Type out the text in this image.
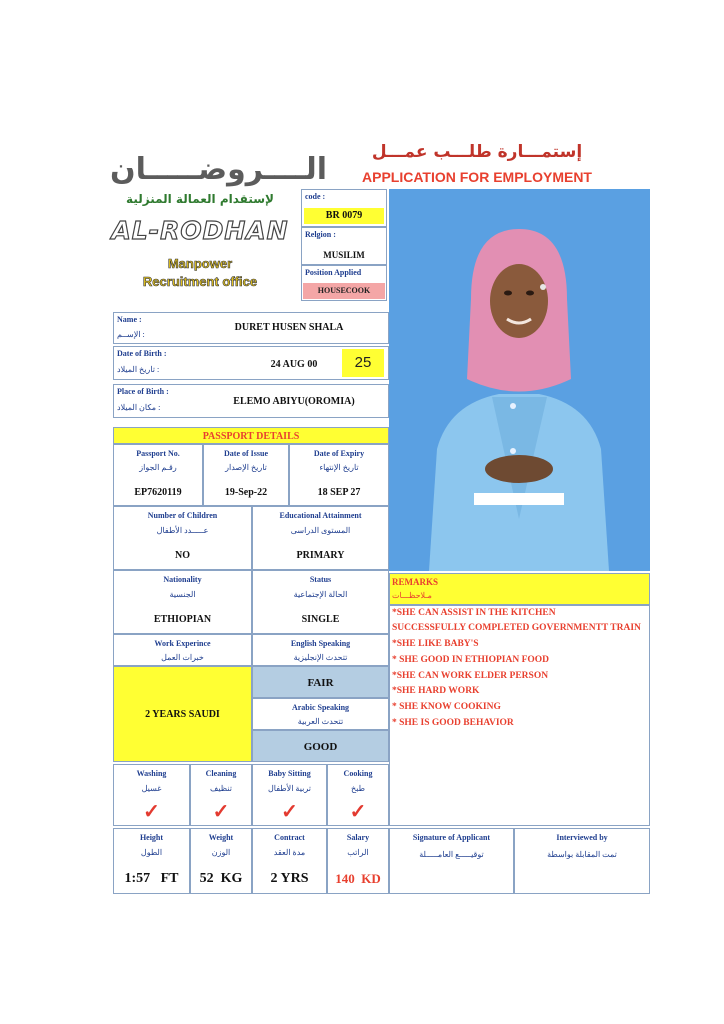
إستمـــارة طلـــب عمـــل
APPLICATION FOR EMPLOYMENT
الــــروضـــــان
لإستقدام العمالة المنزلية
AL-RODHAN
Manpower
Recruitment office
code :
BR 0079
Relgion :
MUSILIM
Position Applied
HOUSECOOK
Name :
الإســم :
DURET HUSEN SHALA
Date of Birth :
تاريخ الميلاد :	24 AUG 00	25
Place of Birth :
مكان الميلاد :
ELEMO ABIYU(OROMIA)
PASSPORT DETAILS
Passport No.
رقـم الجواز
EP7620119
Date of Issue
تاريخ الإصدار
19-Sep-22
Date of Expiry
تاريخ الإنتهاء
18 SEP 27
Number of Children
عـــــدد الأطفال
NO
Educational Attainment
المستوى الدراسى
PRIMARY
Nationality
الجنسية
ETHIOPIAN
Status
الحالة الإجتماعية
SINGLE
Work Experince
خبرات العمل
2 YEARS SAUDI
English Speaking
تتحدث الإنجليزية
FAIR
Arabic Speaking
تتحدث العربية
GOOD
Washing
غسيل
✓
Cleaning
تنظيف
✓
Baby Sitting
تربية الأطفال
✓
Cooking
طبخ
✓
Height
الطول
1:57   FT
Weight
الوزن
52  KG
Contract
مدة العقد
2 YRS
Salary
الراتب
140  KD
Signature of Applicant
توقيـــــع العامـــــلة
Interviewed by
تمت المقابلة بواسطة
REMARKS
مـلاحظـــات
*SHE CAN ASSIST IN THE KITCHEN
SUCCESSFULLY COMPLETED GOVERNMENTT TRAIN
*SHE LIKE BABY'S
* SHE GOOD IN ETHIOPIAN FOOD
*SHE CAN WORK ELDER PERSON
*SHE HARD WORK
* SHE KNOW COOKING
* SHE IS GOOD BEHAVIOR
